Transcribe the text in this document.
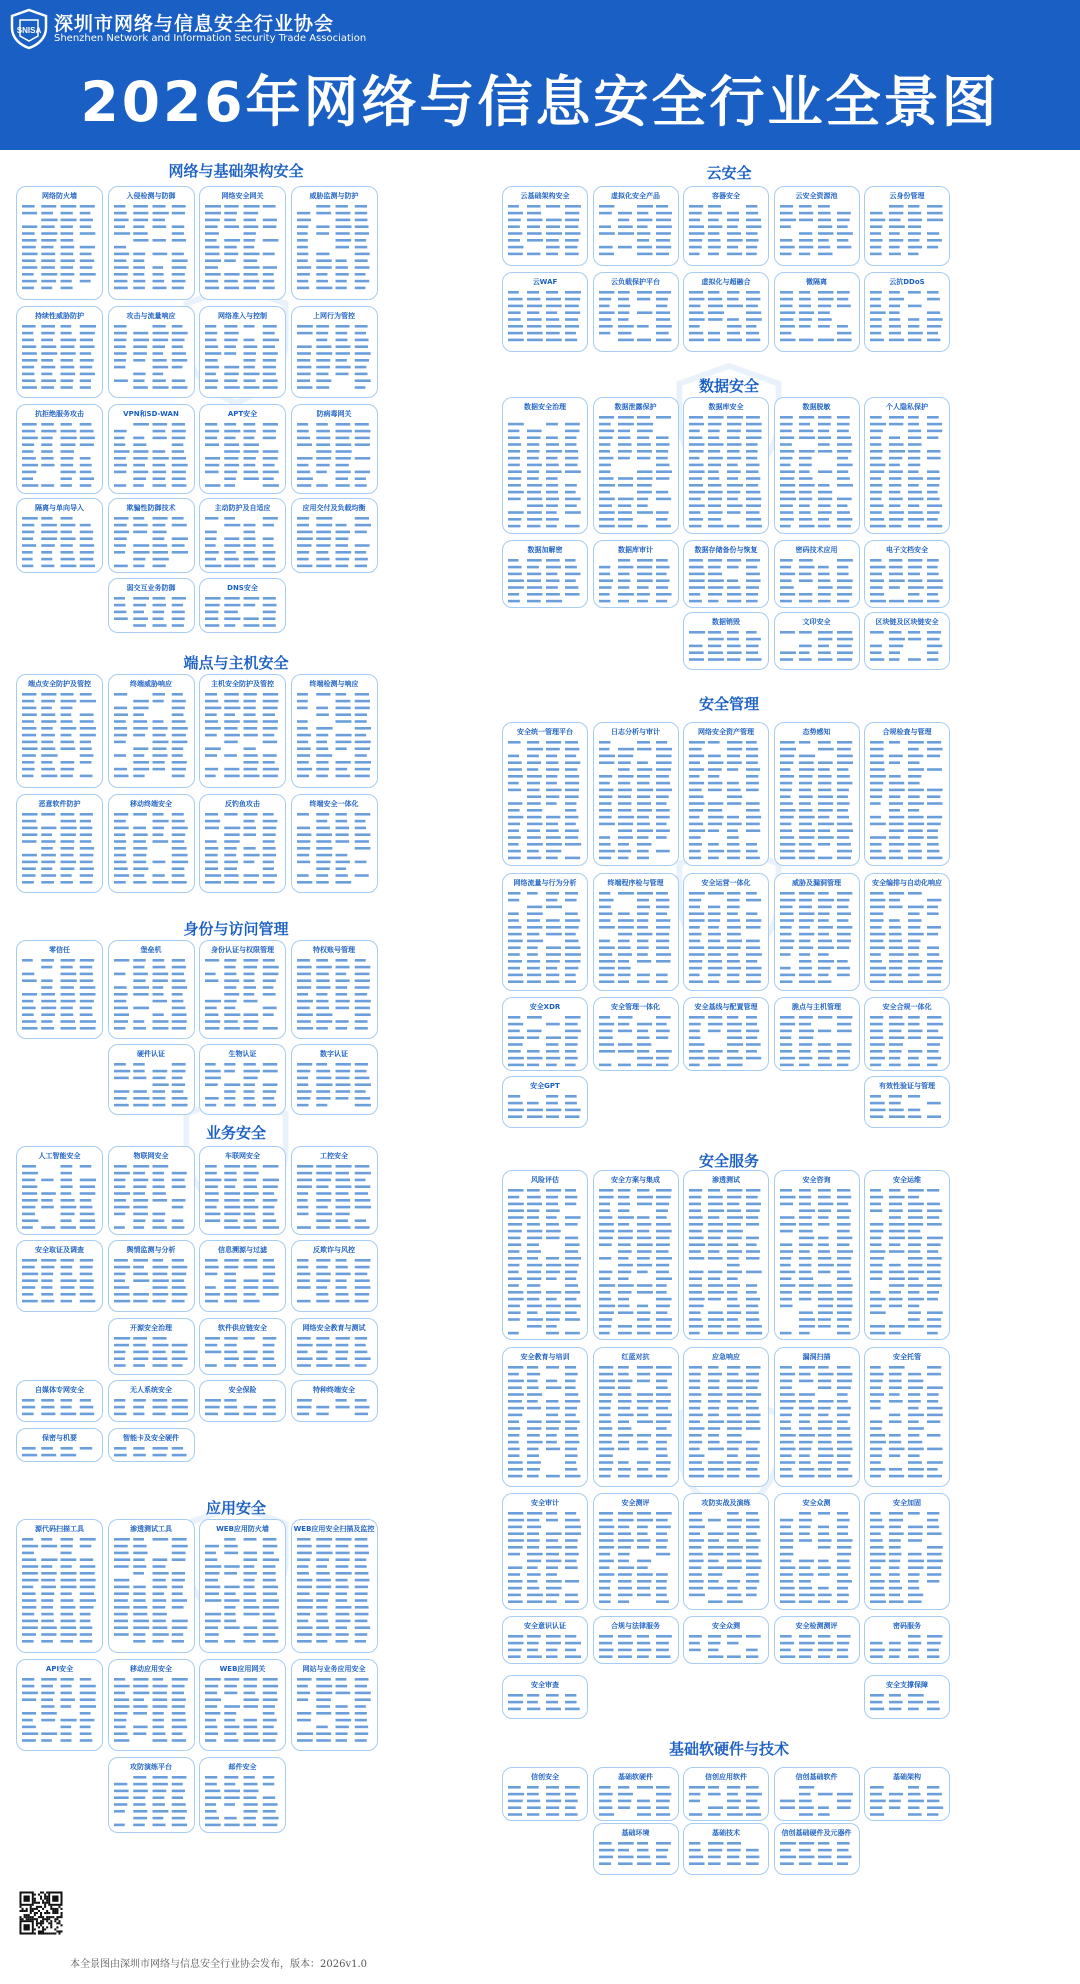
SNISA 深圳市网络与信息安全行业协会
Shenzhen Network and Information Security Trade Association
2026年网络与信息安全行业全景图
网络与基础架构安全
网络防火墙	入侵检测与防御	网络安全网关	威胁监测与防护
持续性威胁防护	攻击与流量响应	网络准入与控制	上网行为管控
抗拒绝服务攻击	VPN和SD-WAN	APT安全	防病毒网关
隔离与单向导入	欺骗性防御技术	主动防护及自适应	应用交付及负载均衡
弱交互业务防御	DNS安全
端点与主机安全
端点安全防护及管控	终端威胁响应	主机安全防护及管控	终端检测与响应
恶意软件防护	移动终端安全	反钓鱼攻击	终端安全一体化
身份与访问管理
零信任	堡垒机	身份认证与权限管理	特权账号管理
硬件认证	生物认证	数字认证
业务安全
人工智能安全	物联网安全	车联网安全	工控安全
安全取证及调查	舆情监测与分析	信息溯源与过滤	反欺诈与风控
开源安全治理	软件供应链安全	网络安全教育与测试
自媒体专网安全	无人系统安全	安全保险	特种终端安全
保密与机要	智能卡及安全硬件
应用安全
源代码扫描工具	渗透测试工具	WEB应用防火墙	WEB应用安全扫描及监控
API安全	移动应用安全	WEB应用网关	网站与业务应用安全
攻防演练平台	邮件安全
云安全
云基础架构安全	虚拟化安全产品	容器安全	云安全资源池	云身份管理
云WAF	云负载保护平台	虚拟化与超融合	微隔离	云抗DDoS
数据安全
数据安全治理	数据泄露保护	数据库安全	数据脱敏	个人隐私保护
数据加解密	数据库审计	数据存储备份与恢复	密码技术应用	电子文档安全
数据销毁	文印安全	区块链及区块链安全
安全管理
安全统一管理平台	日志分析与审计	网络安全资产管理	态势感知	合规检查与管理
网络流量与行为分析	终端程序检与管理	安全运营一体化	威胁及漏洞管理	安全编排与自动化响应
安全XDR	安全管理一体化	安全基线与配置管理	脆点与主机管理	安全合规一体化
安全GPT	有效性验证与管理
安全服务
风险评估	安全方案与集成	渗透测试	安全咨询	安全运维
安全教育与培训	红蓝对抗	应急响应	漏洞扫描	安全托管
安全审计	安全测评	攻防实战及演练	安全众测	安全加固
安全意识认证	合规与法律服务	安全众测	安全检测测评	密码服务
安全审查	安全支撑保障
基础软硬件与技术
信创安全	基础软硬件	信创应用软件	信创基础软件	基础架构
基础环境	基础技术	信创基础硬件及元器件
本全景图由深圳市网络与信息安全行业协会发布，版本：2026v1.0
